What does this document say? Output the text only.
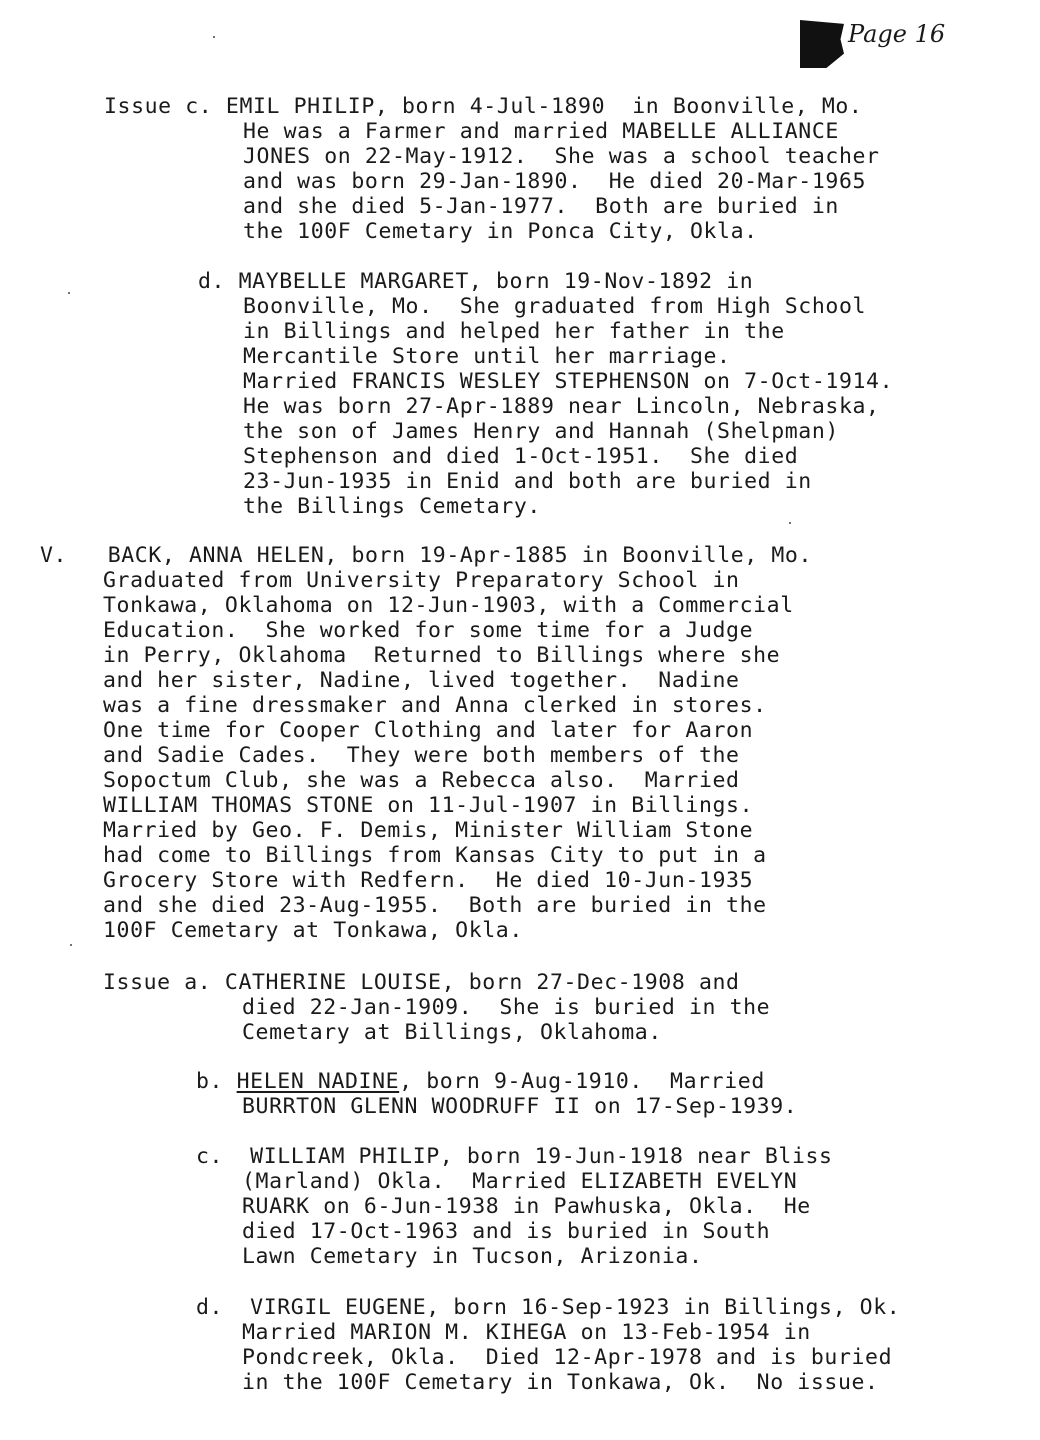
Page 16
Issue c. EMIL PHILIP, born 4-Jul-1890  in Boonville, Mo.
He was a Farmer and married MABELLE ALLIANCE
JONES on 22-May-1912.  She was a school teacher
and was born 29-Jan-1890.  He died 20-Mar-1965
and she died 5-Jan-1977.  Both are buried in
the 100F Cemetary in Ponca City, Okla.
d. MAYBELLE MARGARET, born 19-Nov-1892 in
Boonville, Mo.  She graduated from High School
in Billings and helped her father in the
Mercantile Store until her marriage.
Married FRANCIS WESLEY STEPHENSON on 7-Oct-1914.
He was born 27-Apr-1889 near Lincoln, Nebraska,
the son of James Henry and Hannah (Shelpman)
Stephenson and died 1-Oct-1951.  She died
23-Jun-1935 in Enid and both are buried in
the Billings Cemetary.
V.   BACK, ANNA HELEN, born 19-Apr-1885 in Boonville, Mo.
Graduated from University Preparatory School in
Tonkawa, Oklahoma on 12-Jun-1903, with a Commercial
Education.  She worked for some time for a Judge
in Perry, Oklahoma  Returned to Billings where she
and her sister, Nadine, lived together.  Nadine
was a fine dressmaker and Anna clerked in stores.
One time for Cooper Clothing and later for Aaron
and Sadie Cades.  They were both members of the
Sopoctum Club, she was a Rebecca also.  Married
WILLIAM THOMAS STONE on 11-Jul-1907 in Billings.
Married by Geo. F. Demis, Minister William Stone
had come to Billings from Kansas City to put in a
Grocery Store with Redfern.  He died 10-Jun-1935
and she died 23-Aug-1955.  Both are buried in the
100F Cemetary at Tonkawa, Okla.
Issue a. CATHERINE LOUISE, born 27-Dec-1908 and
died 22-Jan-1909.  She is buried in the
Cemetary at Billings, Oklahoma.
b. HELEN NADINE, born 9-Aug-1910.  Married
BURRTON GLENN WOODRUFF II on 17-Sep-1939.
c.  WILLIAM PHILIP, born 19-Jun-1918 near Bliss
(Marland) Okla.  Married ELIZABETH EVELYN
RUARK on 6-Jun-1938 in Pawhuska, Okla.  He
died 17-Oct-1963 and is buried in South
Lawn Cemetary in Tucson, Arizonia.
d.  VIRGIL EUGENE, born 16-Sep-1923 in Billings, Ok.
Married MARION M. KIHEGA on 13-Feb-1954 in
Pondcreek, Okla.  Died 12-Apr-1978 and is buried
in the 100F Cemetary in Tonkawa, Ok.  No issue.
